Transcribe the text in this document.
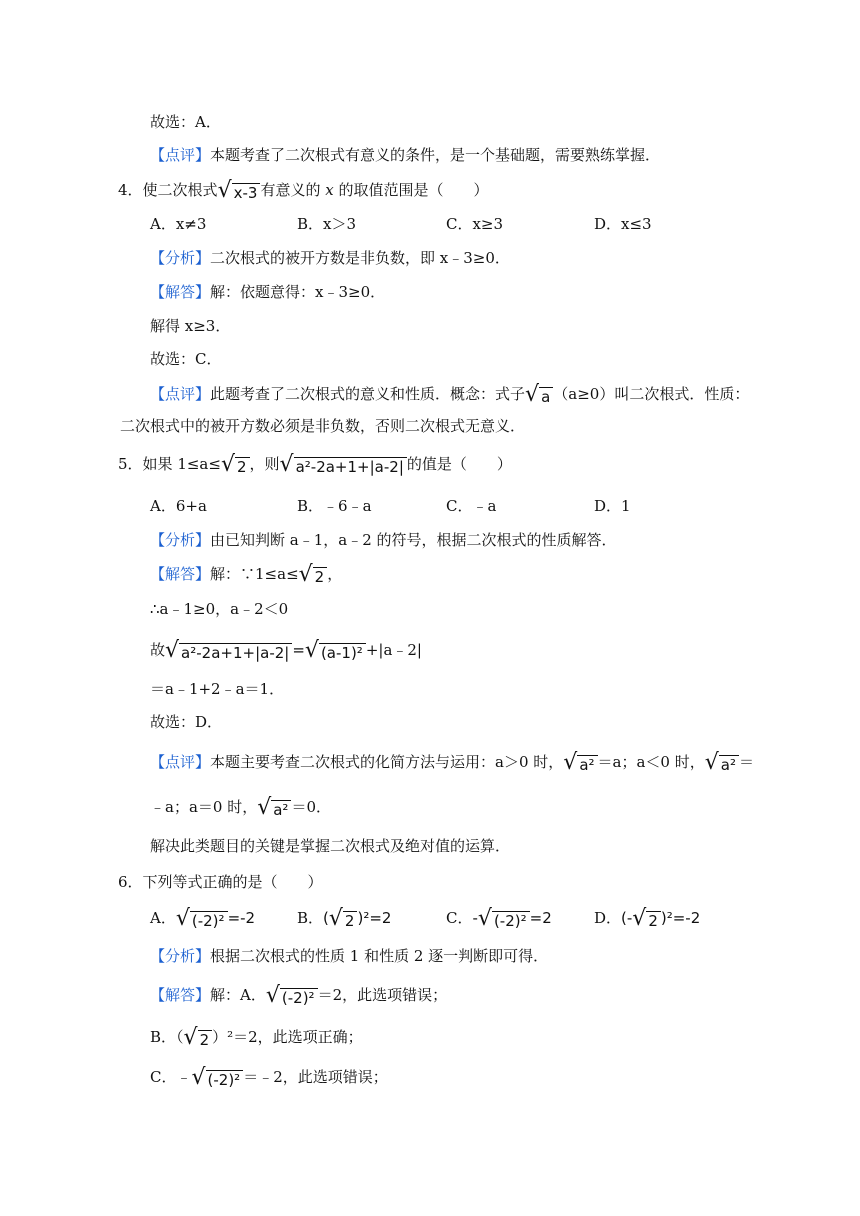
故选：A．
【点评】本题考查了二次根式有意义的条件，是一个基础题，需要熟练掌握．
4．使二次根式 √ x-3 有意义的 x 的取值范围是（　　）
A．x≠3	B．x＞3	C．x≥3	D．x≤3
【分析】二次根式的被开方数是非负数，即 x﹣3≥0．
【解答】解：依题意得：x﹣3≥0．
解得 x≥3．
故选：C．
【点评】此题考查了二次根式的意义和性质．概念：式子 √ a （a≥0）叫二次根式．性质：
二次根式中的被开方数必须是非负数，否则二次根式无意义．
5．如果 1≤a≤ √ 2 ，则 √ a²-2a+1+|a-2| 的值是（　　）
A．6+a	B．﹣6﹣a	C．﹣a	D．1
【分析】由已知判断 a﹣1，a﹣2 的符号，根据二次根式的性质解答．
【解答】解：∵1≤a≤ √ 2 ，
∴a﹣1≥0，a﹣2＜0
故 √ a²-2a+1+|a-2| = √ (a-1)² +|a﹣2|
＝a﹣1+2﹣a＝1．
故选：D．
【点评】本题主要考查二次根式的化简方法与运用：a＞0 时， √ a² ＝a；a＜0 时， √ a² ＝
﹣a；a＝0 时， √ a² ＝0．
解决此类题目的关键是掌握二次根式及绝对值的运算．
6．下列等式正确的是（　　）
A． √ (-2)² =-2	B．( √ 2 )²=2	C．- √ (-2)² =2	D．(- √ 2 )²=-2
【分析】根据二次根式的性质 1 和性质 2 逐一判断即可得．
【解答】解：A． √ (-2)² ＝2，此选项错误；
B．（ √ 2 ）²＝2，此选项正确；
C．﹣ √ (-2)² ＝﹣2，此选项错误；
